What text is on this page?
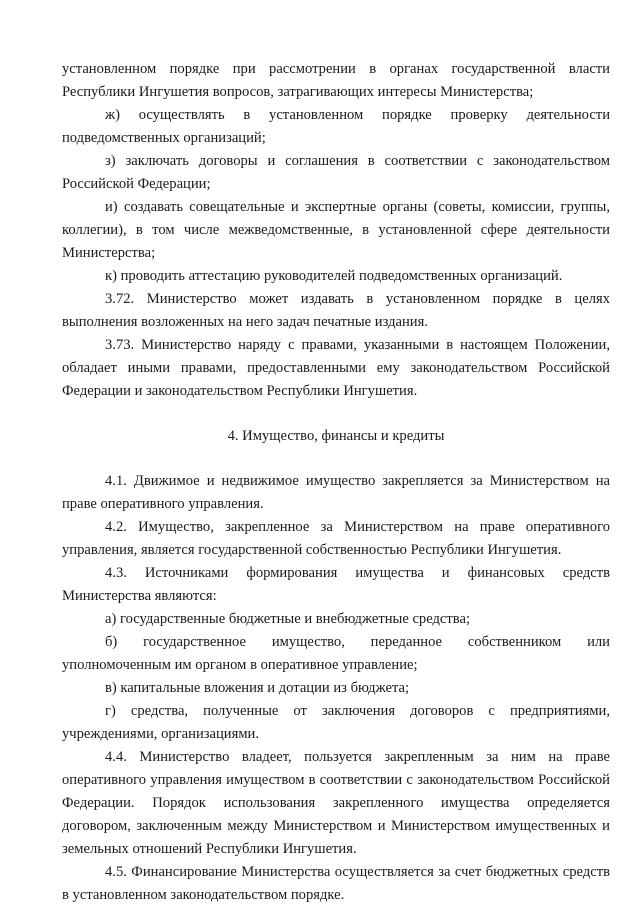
установленном порядке при рассмотрении в органах государственной власти Республики Ингушетия вопросов, затрагивающих интересы Министерства;

ж) осуществлять в установленном порядке проверку деятельности подведомственных организаций;

з) заключать договоры и соглашения в соответствии с законодательством Российской Федерации;

и) создавать совещательные и экспертные органы (советы, комиссии, группы, коллегии), в том числе межведомственные, в установленной сфере деятельности Министерства;

к) проводить аттестацию руководителей подведомственных организаций.

3.72. Министерство может издавать в установленном порядке в целях выполнения возложенных на него задач печатные издания.

3.73. Министерство наряду с правами, указанными в настоящем Положении, обладает иными правами, предоставленными ему законодательством Российской Федерации и законодательством Республики Ингушетия.

4. Имущество, финансы и кредиты

4.1. Движимое и недвижимое имущество закрепляется за Министерством на праве оперативного управления.

4.2. Имущество, закрепленное за Министерством на праве оперативного управления, является государственной собственностью Республики Ингушетия.

4.3. Источниками формирования имущества и финансовых средств Министерства являются:

а) государственные бюджетные и внебюджетные средства;

б) государственное имущество, переданное собственником или уполномоченным им органом в оперативное управление;

в) капитальные вложения и дотации из бюджета;

г) средства, полученные от заключения договоров с предприятиями, учреждениями, организациями.

4.4. Министерство владеет, пользуется закрепленным за ним на праве оперативного управления имуществом в соответствии с законодательством Российской Федерации. Порядок использования закрепленного имущества определяется договором, заключенным между Министерством и Министерством имущественных и земельных отношений Республики Ингушетия.

4.5. Финансирование Министерства осуществляется за счет бюджетных средств в установленном законодательством порядке.
